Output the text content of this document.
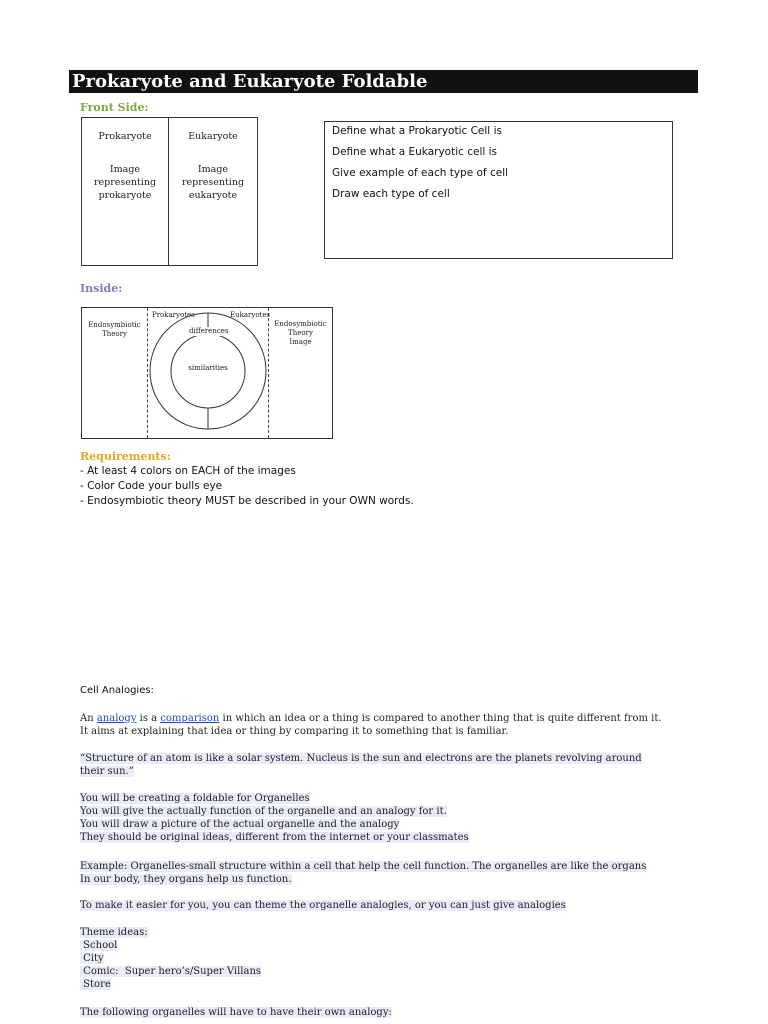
Prokaryote and Eukaryote Foldable
Front Side:
Prokaryote	Eukaryote
Image
representing
prokaryote
Image
representing
eukaryote
Define what a Prokaryotic Cell is
Define what a Eukaryotic cell is
Give example of each type of cell
Draw each type of cell
Inside:
Endosymbiotic
Theory
Prokaryotes	Eukaryotes
differences
similarities
Endosymbiotic
Theory
Image
Requirements:
- At least 4 colors on EACH of the images
- Color Code your bulls eye
- Endosymbiotic theory MUST be described in your OWN words.
Cell Analogies:
An analogy is a comparison in which an idea or a thing is compared to another thing that is quite different from it.
It aims at explaining that idea or thing by comparing it to something that is familiar.
“Structure of an atom is like a solar system. Nucleus is the sun and electrons are the planets revolving around
their sun.”
You will be creating a foldable for Organelles
You will give the actually function of the organelle and an analogy for it.
You will draw a picture of the actual organelle and the analogy
They should be original ideas, different from the internet or your classmates
Example: Organelles-small structure within a cell that help the cell function. The organelles are like the organs
In our body, they organs help us function.
To make it easier for you, you can theme the organelle analogies, or you can just give analogies
Theme ideas:
School
City
Comic:  Super hero’s/Super Villans
Store
The following organelles will have to have their own analogy:
